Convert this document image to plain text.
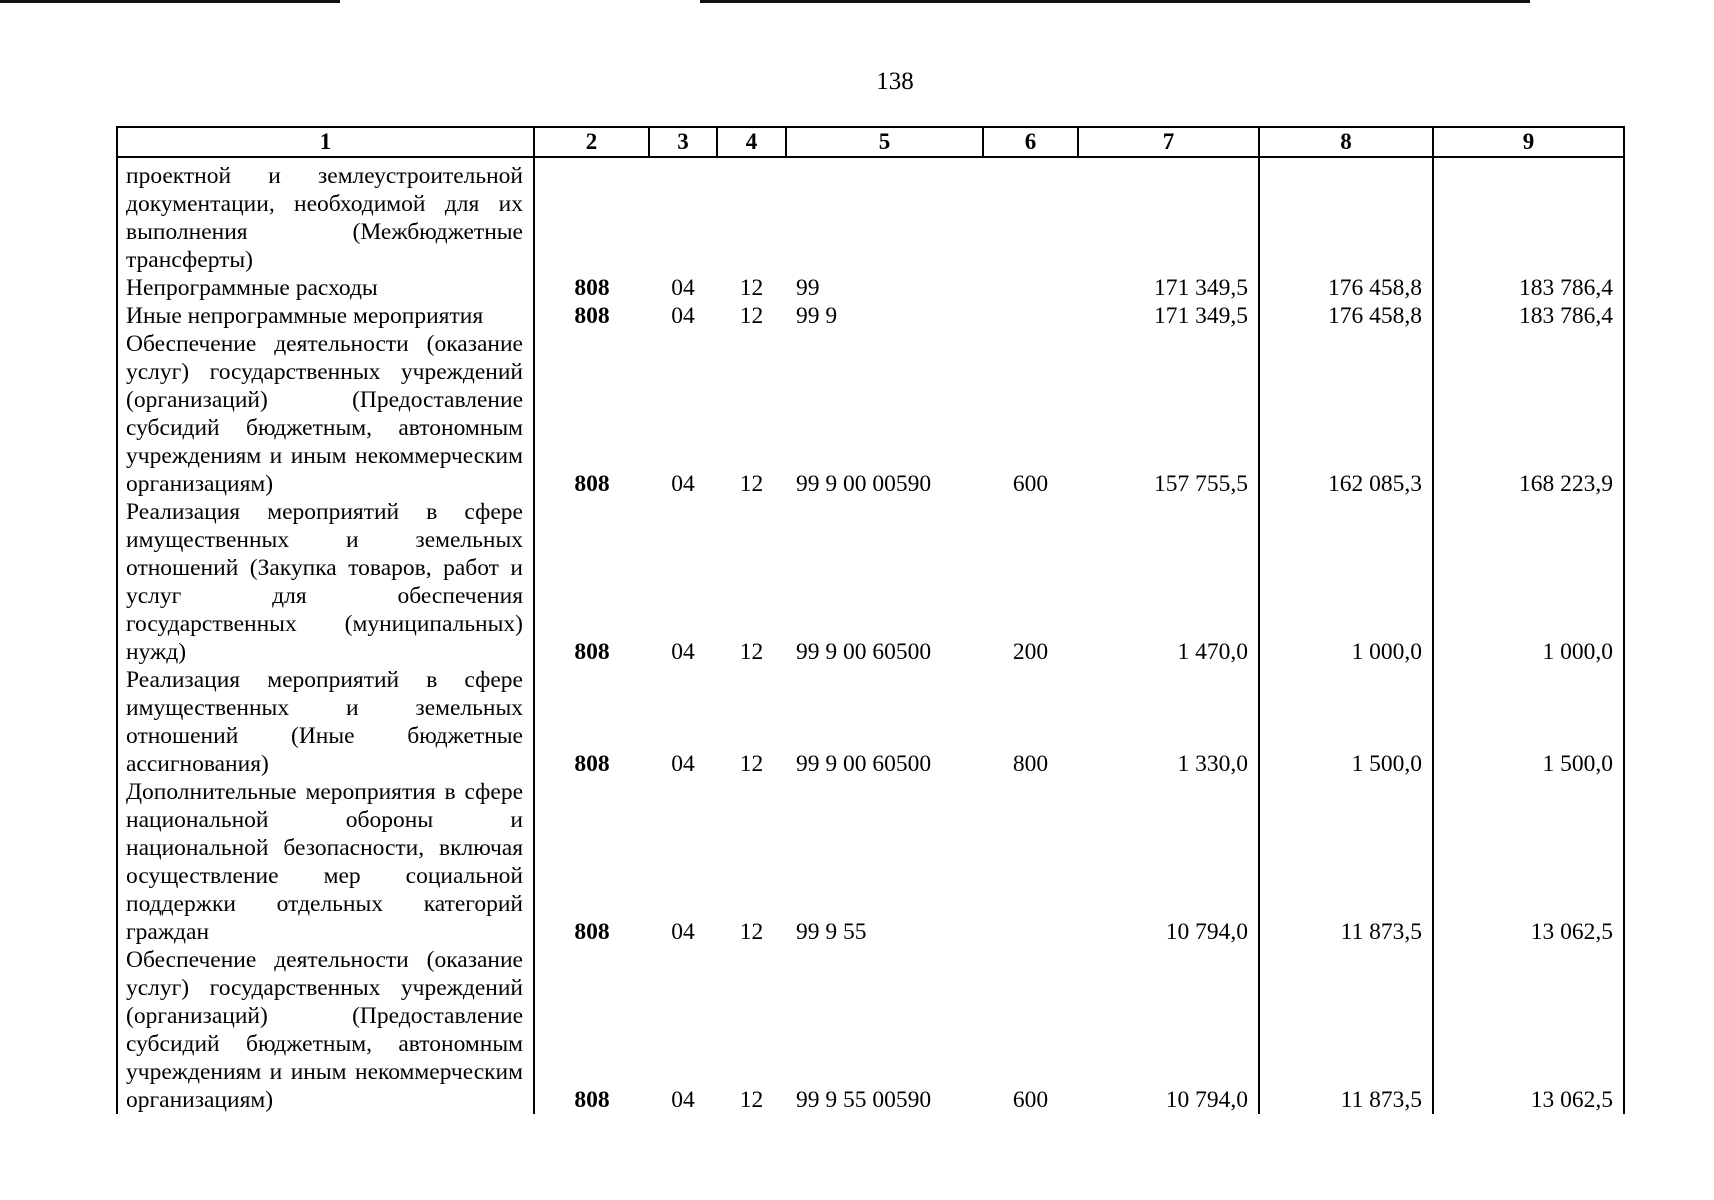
138
1	2	3	4	5	6	7	8	9
проектной и землеустроительной документации, необходимой для их выполнения (Межбюджетные трансферты)								
Непрограммные расходы	808	04	12	99		171 349,5	176 458,8	183 786,4
Иные непрограммные мероприятия	808	04	12	99 9		171 349,5	176 458,8	183 786,4
Обеспечение деятельности (оказание услуг) государственных учреждений (организаций) (Предоставление субсидий бюджетным, автономным учреждениям и иным некоммерческим организациям)	808	04	12	99 9 00 00590	600	157 755,5	162 085,3	168 223,9
Реализация мероприятий в сфере имущественных и земельных отношений (Закупка товаров, работ и услуг для обеспечения государственных (муниципальных) нужд)	808	04	12	99 9 00 60500	200	1 470,0	1 000,0	1 000,0
Реализация мероприятий в сфере имущественных и земельных отношений (Иные бюджетные ассигнования)	808	04	12	99 9 00 60500	800	1 330,0	1 500,0	1 500,0
Дополнительные мероприятия в сфере национальной обороны и национальной безопасности, включая осуществление мер социальной поддержки отдельных категорий граждан	808	04	12	99 9 55		10 794,0	11 873,5	13 062,5
Обеспечение деятельности (оказание услуг) государственных учреждений (организаций) (Предоставление субсидий бюджетным, автономным учреждениям и иным некоммерческим организациям)	808	04	12	99 9 55 00590	600	10 794,0	11 873,5	13 062,5
